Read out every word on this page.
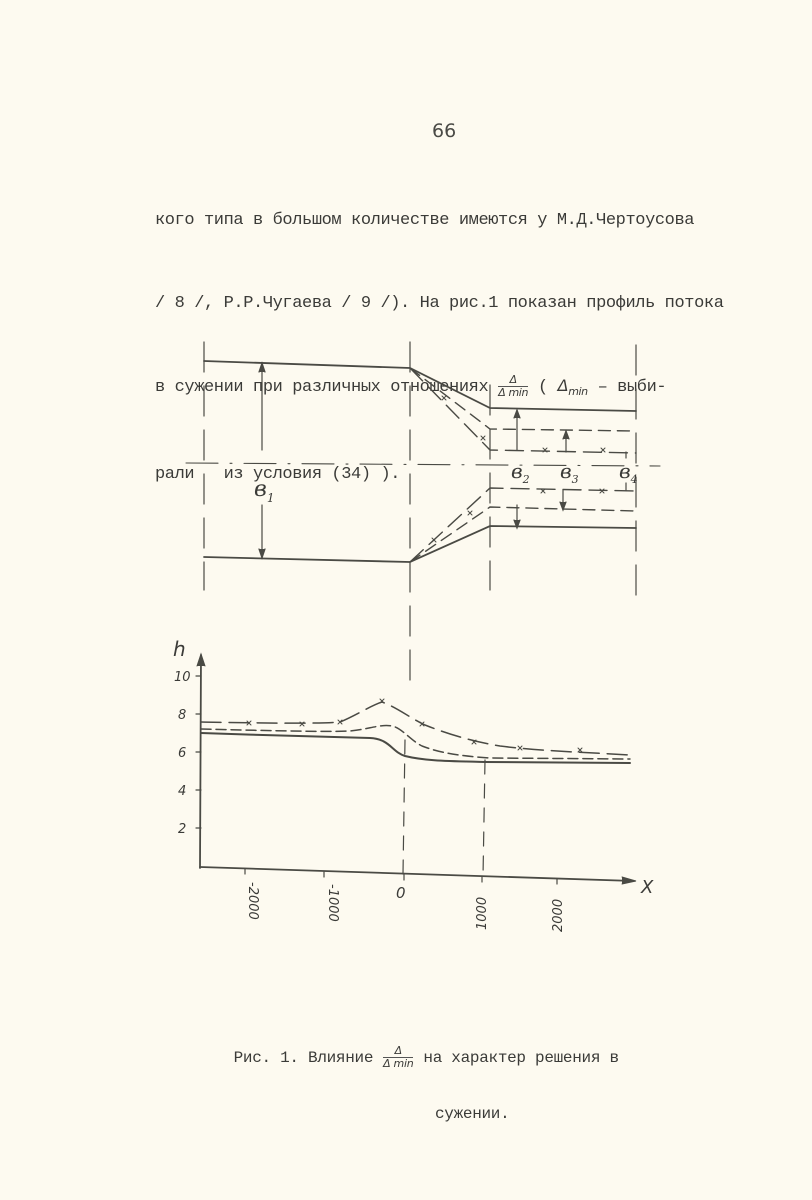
66

кого типа в большом количестве имеются у М.Д.Чертоусова

/ 8 /, Р.Р.Чугаева / 9 /). На рис.1 показан профиль потока

в сужении при различных отношениях $\frac{\Delta}{\text{Δ min}}$ ( $\Delta_{min}$ – выби-

рали   из условия (34) ).

$в_1$
$в_2$ $в_3$ $в_4$
h
X
2
4
6
8
10
-2000	-1000	0
1000	2000

Рис. 1. Влияние $\frac{\Delta}{\text{Δ min}}$ на характер решения в

сужении.
